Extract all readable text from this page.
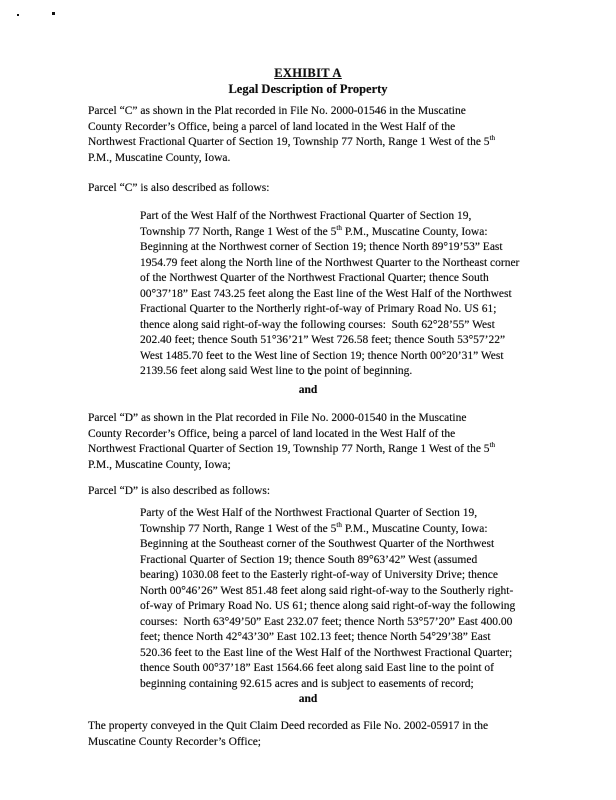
EXHIBIT A
Legal Description of Property
Parcel “C” as shown in the Plat recorded in File No. 2000-01546 in the Muscatine
County Recorder’s Office, being a parcel of land located in the West Half of the
Northwest Fractional Quarter of Section 19, Township 77 North, Range 1 West of the 5th
P.M., Muscatine County, Iowa.
Parcel “C” is also described as follows:
Part of the West Half of the Northwest Fractional Quarter of Section 19,
Township 77 North, Range 1 West of the 5th P.M., Muscatine County, Iowa:
Beginning at the Northwest corner of Section 19; thence North 89°19’53” East
1954.79 feet along the North line of the Northwest Quarter to the Northeast corner
of the Northwest Quarter of the Northwest Fractional Quarter; thence South
00°37’18” East 743.25 feet along the East line of the West Half of the Northwest
Fractional Quarter to the Northerly right-of-way of Primary Road No. US 61;
thence along said right-of-way the following courses:  South 62°28’55” West
202.40 feet; thence South 51°36’21” West 726.58 feet; thence South 53°57’22”
West 1485.70 feet to the West line of Section 19; thence North 00°20’31” West
2139.56 feet along said West line to the point of beginning.
and
Parcel “D” as shown in the Plat recorded in File No. 2000-01540 in the Muscatine
County Recorder’s Office, being a parcel of land located in the West Half of the
Northwest Fractional Quarter of Section 19, Township 77 North, Range 1 West of the 5th
P.M., Muscatine County, Iowa;
Parcel “D” is also described as follows:
Party of the West Half of the Northwest Fractional Quarter of Section 19,
Township 77 North, Range 1 West of the 5th P.M., Muscatine County, Iowa:
Beginning at the Southeast corner of the Southwest Quarter of the Northwest
Fractional Quarter of Section 19; thence South 89°63’42” West (assumed
bearing) 1030.08 feet to the Easterly right-of-way of University Drive; thence
North 00°46’26” West 851.48 feet along said right-of-way to the Southerly right-
of-way of Primary Road No. US 61; thence along said right-of-way the following
courses:  North 63°49’50” East 232.07 feet; thence North 53°57’20” East 400.00
feet; thence North 42°43’30” East 102.13 feet; thence North 54°29’38” East
520.36 feet to the East line of the West Half of the Northwest Fractional Quarter;
thence South 00°37’18” East 1564.66 feet along said East line to the point of
beginning containing 92.615 acres and is subject to easements of record;
and
The property conveyed in the Quit Claim Deed recorded as File No. 2002-05917 in the
Muscatine County Recorder’s Office;
